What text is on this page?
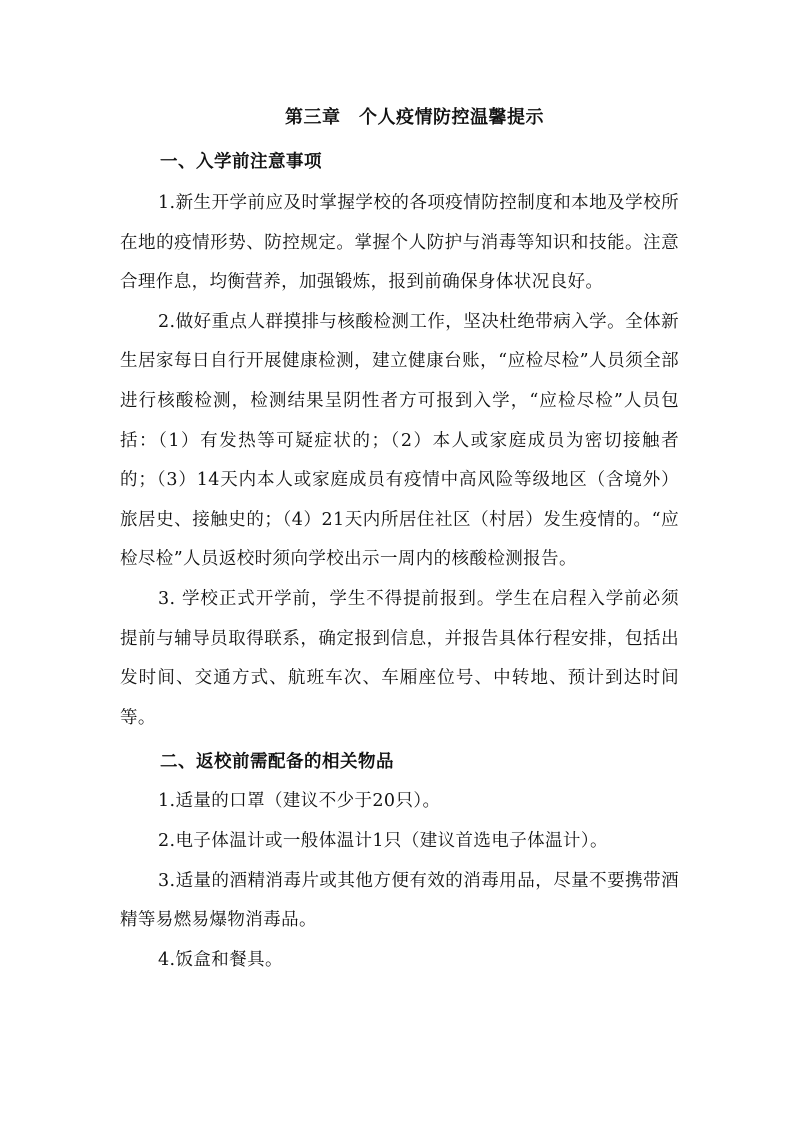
第三章　个人疫情防控温馨提示
一、入学前注意事项

1.新生开学前应及时掌握学校的各项疫情防控制度和本地及学校所在地的疫情形势、防控规定。掌握个人防护与消毒等知识和技能。注意合理作息，均衡营养，加强锻炼，报到前确保身体状况良好。

2.做好重点人群摸排与核酸检测工作，坚决杜绝带病入学。全体新生居家每日自行开展健康检测，建立健康台账，“应检尽检”人员须全部进行核酸检测，检测结果呈阴性者方可报到入学，“应检尽检”人员包括：（1）有发热等可疑症状的；（2）本人或家庭成员为密切接触者的；（3）14天内本人或家庭成员有疫情中高风险等级地区（含境外）旅居史、接触史的；（4）21天内所居住社区（村居）发生疫情的。“应检尽检”人员返校时须向学校出示一周内的核酸检测报告。

3. 学校正式开学前，学生不得提前报到。学生在启程入学前必须提前与辅导员取得联系，确定报到信息，并报告具体行程安排，包括出发时间、交通方式、航班车次、车厢座位号、中转地、预计到达时间等。

二、返校前需配备的相关物品

1.适量的口罩（建议不少于20只）。

2.电子体温计或一般体温计1只（建议首选电子体温计）。

3.适量的酒精消毒片或其他方便有效的消毒用品，尽量不要携带酒精等易燃易爆物消毒品。

4.饭盒和餐具。
